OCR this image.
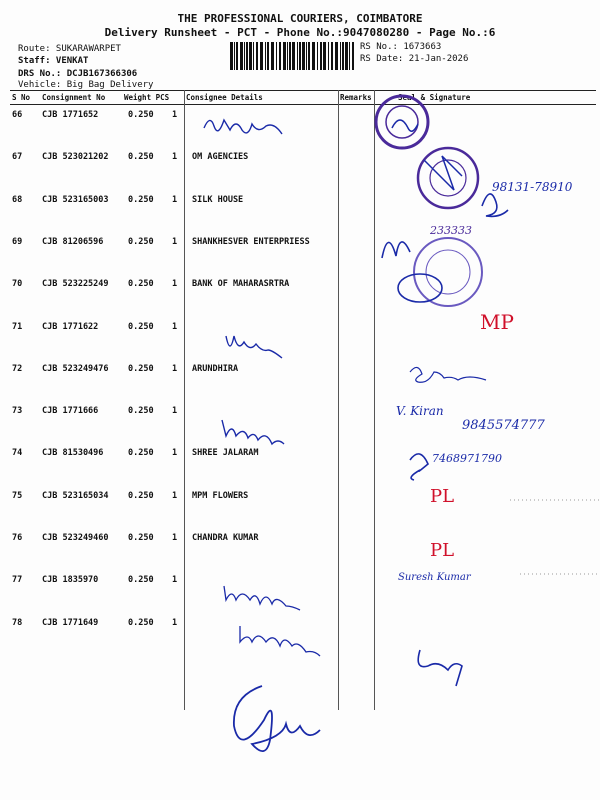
THE PROFESSIONAL COURIERS, COIMBATORE
Delivery Runsheet - PCT - Phone No.:9047080280 - Page No.:6
Route: SUKARAWARPET
Staff: VENKAT
DRS No.: DCJB167366306
Vehicle: Big Bag Delivery
RS No.: 1673663
RS Date: 21-Jan-2026
S No Consignment No	Weight PCS Consignee Details	Remarks	Seal & Signature
66 CJB 1771652	0.250 1
67 CJB 523021202 0.250 1 OM AGENCIES
68 CJB 523165003 0.250 1 SILK HOUSE
69 CJB 81206596	0.250 1 SHANKHESVER ENTERPRIESS
70 CJB 523225249 0.250 1 BANK OF MAHARASRTRA
71 CJB 1771622	0.250 1
72 CJB 523249476 0.250 1 ARUNDHIRA
73 CJB 1771666	0.250 1
74 CJB 81530496	0.250 1 SHREE JALARAM
75 CJB 523165034 0.250 1 MPM FLOWERS
76 CJB 523249460 0.250 1 CHANDRA KUMAR
77 CJB 1835970	0.250 1
78 CJB 1771649	0.250 1
98131-78910
233333
MP
V. Kiran
9845574777
7468971790
PL
PL
Suresh Kumar
